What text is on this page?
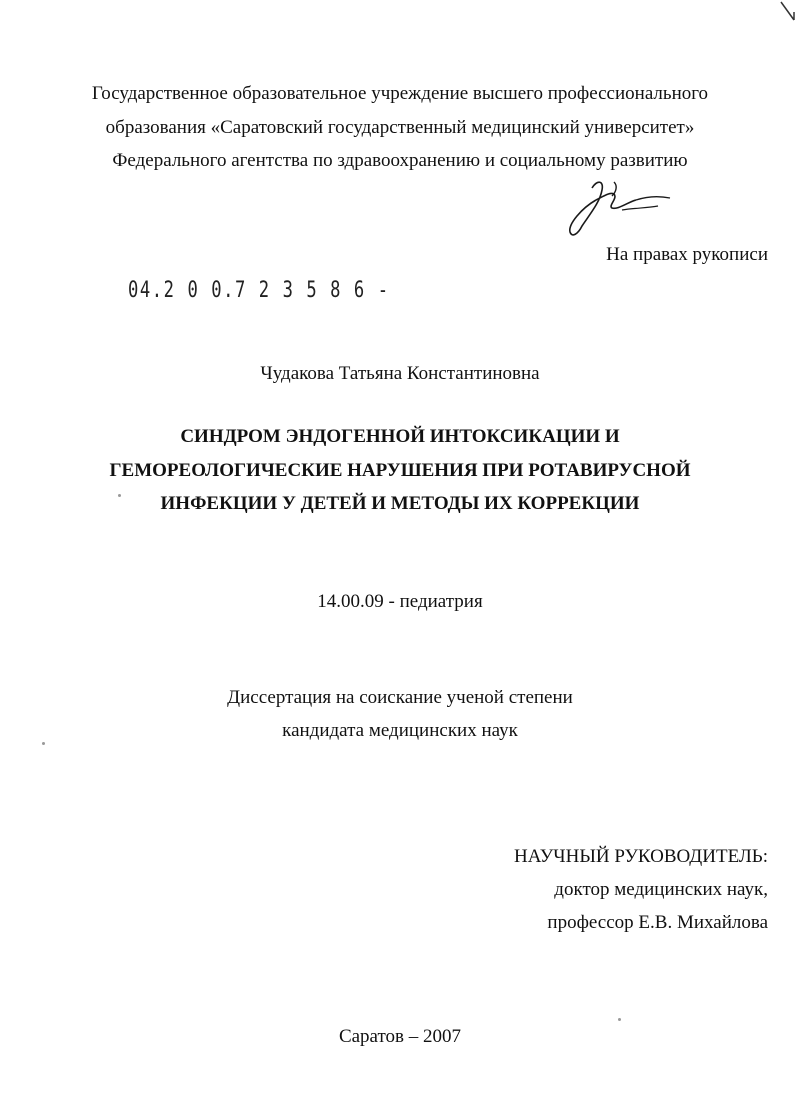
Государственное образовательное учреждение высшего профессионального
образования «Саратовский государственный медицинский университет»
Федерального агентства по здравоохранению и социальному развитию
На правах рукописи
04.2 0 0.7 2 3 5 8 6 -
Чудакова Татьяна Константиновна
СИНДРОМ ЭНДОГЕННОЙ ИНТОКСИКАЦИИ И
ГЕМОРЕОЛОГИЧЕСКИЕ НАРУШЕНИЯ ПРИ РОТАВИРУСНОЙ
ИНФЕКЦИИ У ДЕТЕЙ И МЕТОДЫ ИХ КОРРЕКЦИИ
14.00.09 - педиатрия
Диссертация на соискание ученой степени
кандидата медицинских наук
НАУЧНЫЙ РУКОВОДИТЕЛЬ:
доктор медицинских наук,
профессор Е.В. Михайлова
Саратов – 2007
